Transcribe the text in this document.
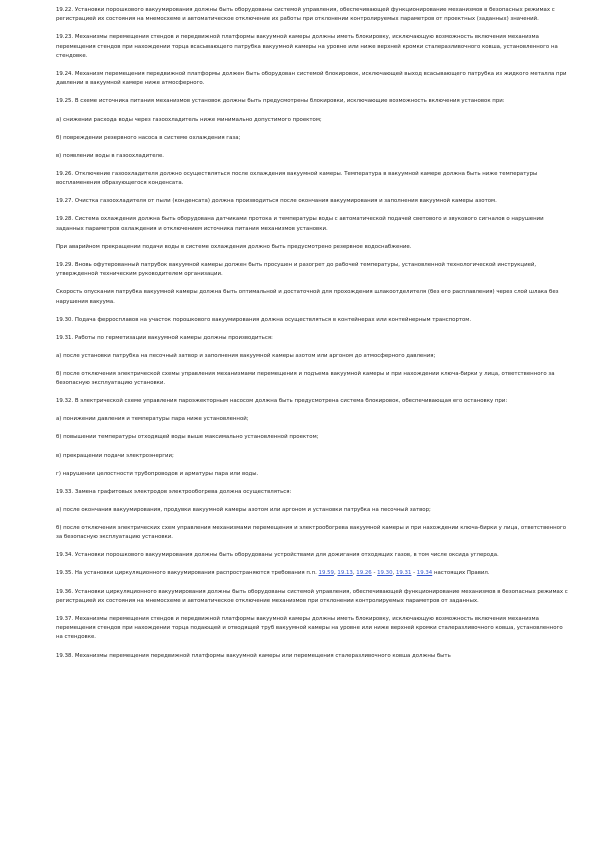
19.22. Установки порошкового вакуумирования должны быть оборудованы системой управления, обеспечивающей функционирование механизмов в безопасных режимах с регистрацией их состояния на мнемосхеме и автоматическое отключение их работы при отклонении контролируемых параметров от проектных (заданных) значений.

19.23. Механизмы перемещения стендов и передвижной платформы вакуумной камеры должны иметь блокировку, исключающую возможность включения механизма перемещения стендов при нахождении торца всасывающего патрубка вакуумной камеры на уровне или ниже верхней кромки сталеразливочного ковша, установленного на стендовке.

19.24. Механизм перемещения передвижной платформы должен быть оборудован системой блокировок, исключающей выход всасывающего патрубка из жидкого металла при давлении в вакуумной камере ниже атмосферного.

19.25. В схеме источника питания механизмов установок должны быть предусмотрены блокировки, исключающие возможность включения установок при:

а) снижении расхода воды через газоохладитель ниже минимально допустимого проектом;

б) повреждении резервного насоса в системе охлаждения газа;

в) появлении воды в газоохладителе.

19.26. Отключение газоохладителя должно осуществляться после охлаждения вакуумной камеры. Температура в вакуумной камере должна быть ниже температуры воспламенения образующегося конденсата.

19.27. Очистка газоохладителя от пыли (конденсата) должна производиться после окончания вакуумирования и заполнения вакуумной камеры азотом.

19.28. Система охлаждения должна быть оборудована датчиками протока и температуры воды с автоматической подачей светового и звукового сигналов о нарушении заданных параметров охлаждения и отключением источника питания механизмов установки.

При аварийном прекращении подачи воды в системе охлаждения должно быть предусмотрено резервное водоснабжение.

19.29. Вновь офутерованный патрубок вакуумной камеры должен быть просушен и разогрет до рабочей температуры, установленной технологической инструкцией, утвержденной техническим руководителем организации.

Скорость опускания патрубка вакуумной камеры должна быть оптимальной и достаточной для прохождения шлакоотделителя (без его расплавления) через слой шлака без нарушения вакуума.

19.30. Подача ферросплавов на участок порошкового вакуумирования должна осуществляться в контейнерах или контейнерным транспортом.

19.31. Работы по герметизации вакуумной камеры должны производиться:

а) после установки патрубка на песочный затвор и заполнения вакуумной камеры азотом или аргоном до атмосферного давления;

б) после отключения электрической схемы управления механизмами перемещения и подъема вакуумной камеры и при нахождении ключа-бирки у лица, ответственного за безопасную эксплуатацию установки.

19.32. В электрической схеме управления пароэжекторным насосом должна быть предусмотрена система блокировок, обеспечивающая его остановку при:

а) понижении давления и температуры пара ниже установленной;

б) повышении температуры отходящей воды выше максимально установленной проектом;

в) прекращении подачи электроэнергии;

г) нарушении целостности трубопроводов и арматуры пара или воды.

19.33. Замена графитовых электродов электрообогрева должна осуществляться:

а) после окончания вакуумирования, продувки вакуумной камеры азотом или аргоном и установки патрубка на песочный затвор;

б) после отключения электрических схем управления механизмами перемещения и электрообогрева вакуумной камеры и при нахождении ключа-бирки у лица, ответственного за безопасную эксплуатацию установки.

19.34. Установки порошкового вакуумирования должны быть оборудованы устройствами для дожигания отходящих газов, в том числе оксида углерода.

19.35. На установки циркуляционного вакуумирования распространяются требования п.п. 19.59, 19.13, 19.26 - 19.30, 19.31 - 19.34 настоящих Правил.

19.36. Установки циркуляционного вакуумирования должны быть оборудованы системой управления, обеспечивающей функционирование механизмов в безопасных режимах с регистрацией их состояния на мнемосхеме и автоматическое отключение механизмов при отклонении контролируемых параметров от заданных.

19.37. Механизмы перемещения стендов и передвижной платформы вакуумной камеры должны иметь блокировку, исключающую возможность включения механизма перемещения стендов при нахождении торца подающей и отводящей труб вакуумной камеры на уровне или ниже верхней кромки сталеразливочного ковша, установленного на стендовке.

19.38. Механизмы перемещения передвижной платформы вакуумной камеры или перемещения сталеразливочного ковша должны быть
